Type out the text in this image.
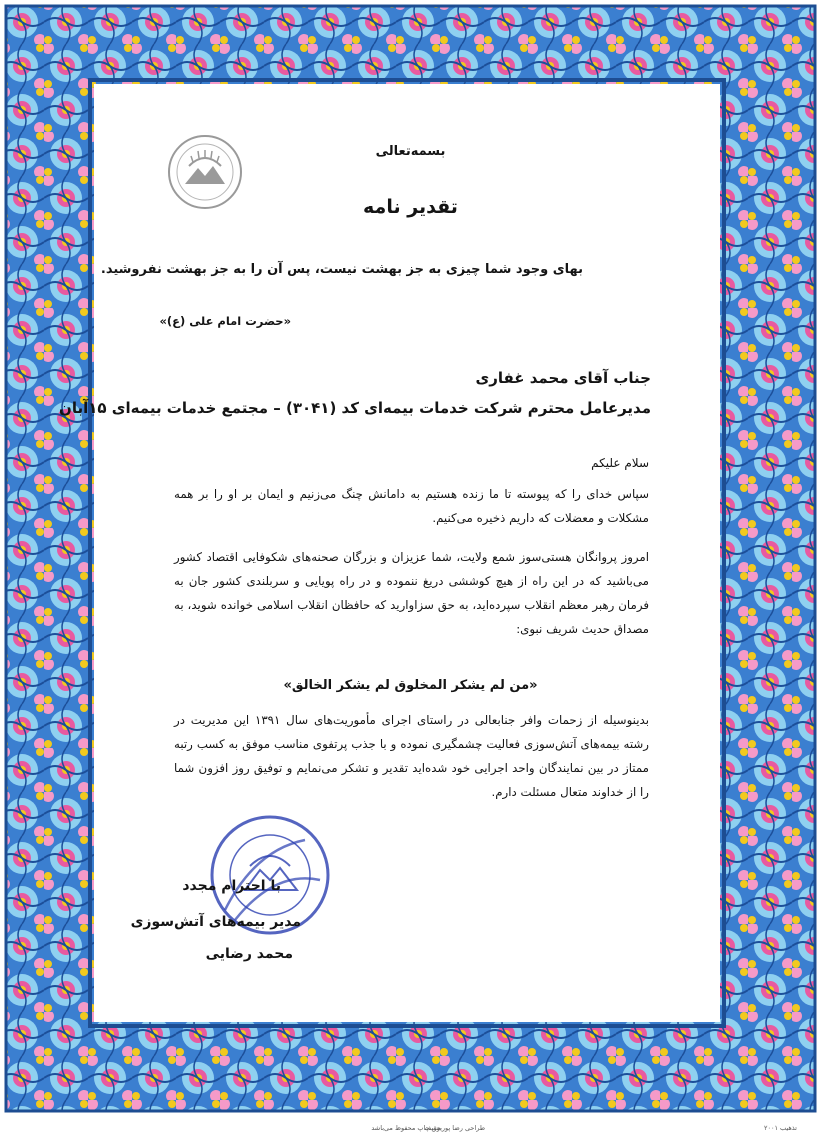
بسمه‌تعالی
تقدیر نامه
بهای وجود شما چیزی به جز بهشت نیست، پس آن را به جز بهشت نفروشید.
«حضرت امام علی (ع)»
جناب آقای محمد غفاری
مدیرعامل محترم شرکت خدمات بیمه‌ای کد (۳۰۴۱) – مجتمع خدمات بیمه‌ای ۱۵آبان
سلام علیکم
سپاس خدای را که پیوسته تا ما زنده هستیم به دامانش چنگ می‌زنیم و ایمان بر او را بر همه مشکلات و معضلات که داریم ذخیره می‌کنیم.
امروز پروانگان هستی‌سوز شمع ولایت، شما عزیزان و بزرگان صحنه‌های شکوفایی اقتصاد کشور می‌باشید که در این راه از هیچ کوششی دریغ ننموده و در راه پویایی و سربلندی کشور جان به فرمان رهبر معظم انقلاب سپرده‌اید، به حق سزاوارید که حافظان انقلاب اسلامی خوانده شوید، به مصداق حدیث شریف نبوی:
«من لم یشکر المخلوق لم یشکر الخالق»
بدینوسیله از زحمات وافر جنابعالی در راستای اجرای مأموریت‌های سال ۱۳۹۱ این مدیریت در رشته بیمه‌های آتش‌سوزی فعالیت چشمگیری نموده و با جذب پرتفوی مناسب موفق به کسب رتبه ممتاز در بین نمایندگان واحد اجرایی خود شده‌اید تقدیر و تشکر می‌نمایم و توفیق روز افزون شما را از خداوند متعال مسئلت دارم.
با احترام مجدد
مدیر بیمه‌های آتش‌سوزی
محمد رضایی
تذهیب ۲۰۰۱
طراحی رضا پوریوسف
حق چاپ محفوظ می‌باشد
